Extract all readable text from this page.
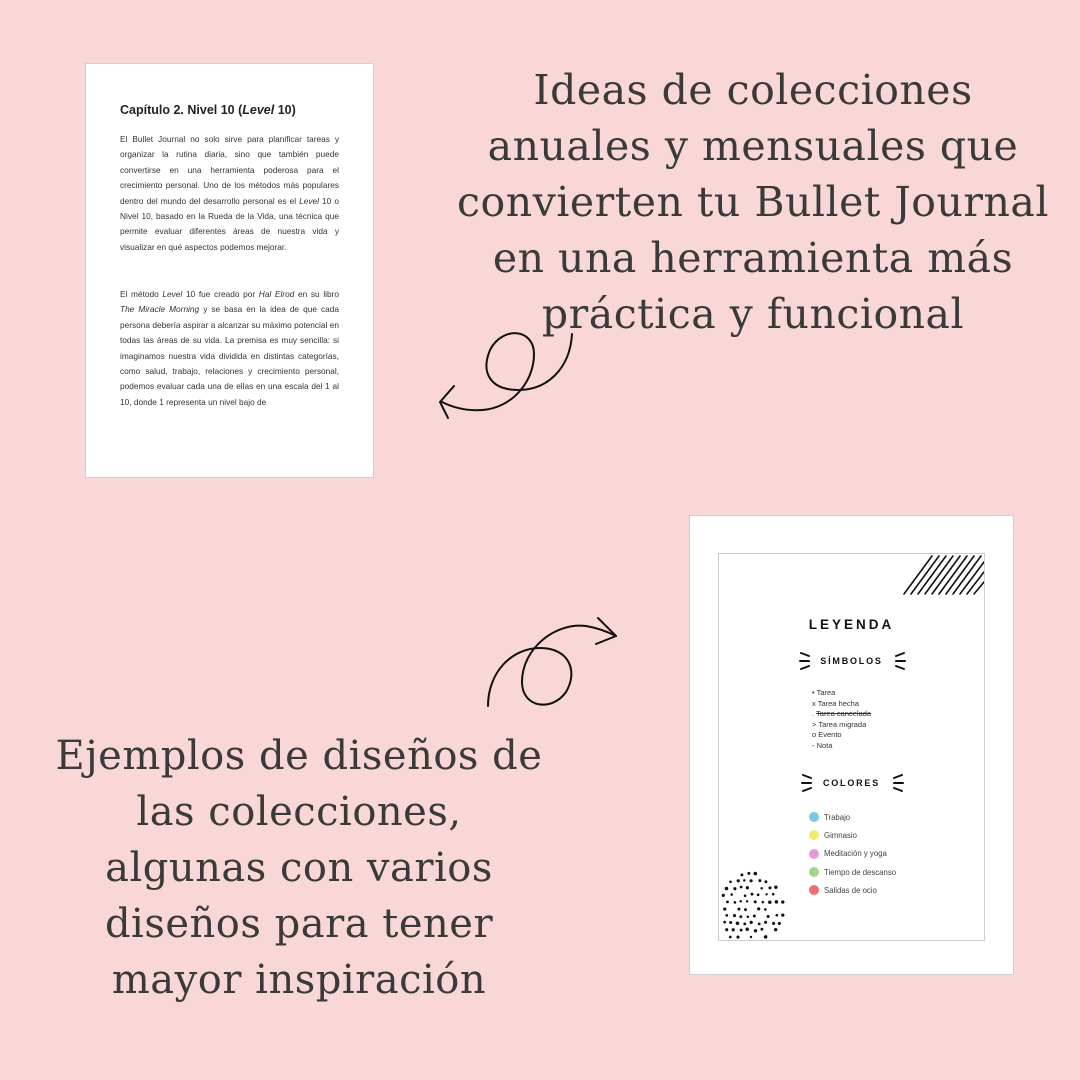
Capítulo 2. Nivel 10 (Level 10)

El Bullet Journal no solo sirve para planificar tareas y organizar la rutina diaria, sino que también puede convertirse en una herramienta poderosa para el crecimiento personal. Uno de los métodos más populares dentro del mundo del desarrollo personal es el Level 10 o Nivel 10, basado en la Rueda de la Vida, una técnica que permite evaluar diferentes áreas de nuestra vida y visualizar en qué aspectos podemos mejorar.

El método Level 10 fue creado por Hal Elrod en su libro The Miracle Morning y se basa en la idea de que cada persona debería aspirar a alcanzar su máximo potencial en todas las áreas de su vida. La premisa es muy sencilla: si imaginamos nuestra vida dividida en distintas categorías, como salud, trabajo, relaciones y crecimiento personal, podemos evaluar cada una de ellas en una escala del 1 al 10, donde 1 representa un nivel bajo de

Ideas de colecciones anuales y mensuales que convierten tu Bullet Journal en una herramienta más práctica y funcional
Ejemplos de diseños de las colecciones, algunas con varios diseños para tener mayor inspiración
LEYENDA
SÍMBOLOS
• Tarea
x Tarea hecha
. Tarea cancelada
> Tarea migrada
o Evento
- Nota
COLORES
Trabajo
Gimnasio
Meditación y yoga
Tiempo de descanso
Salidas de ocio
